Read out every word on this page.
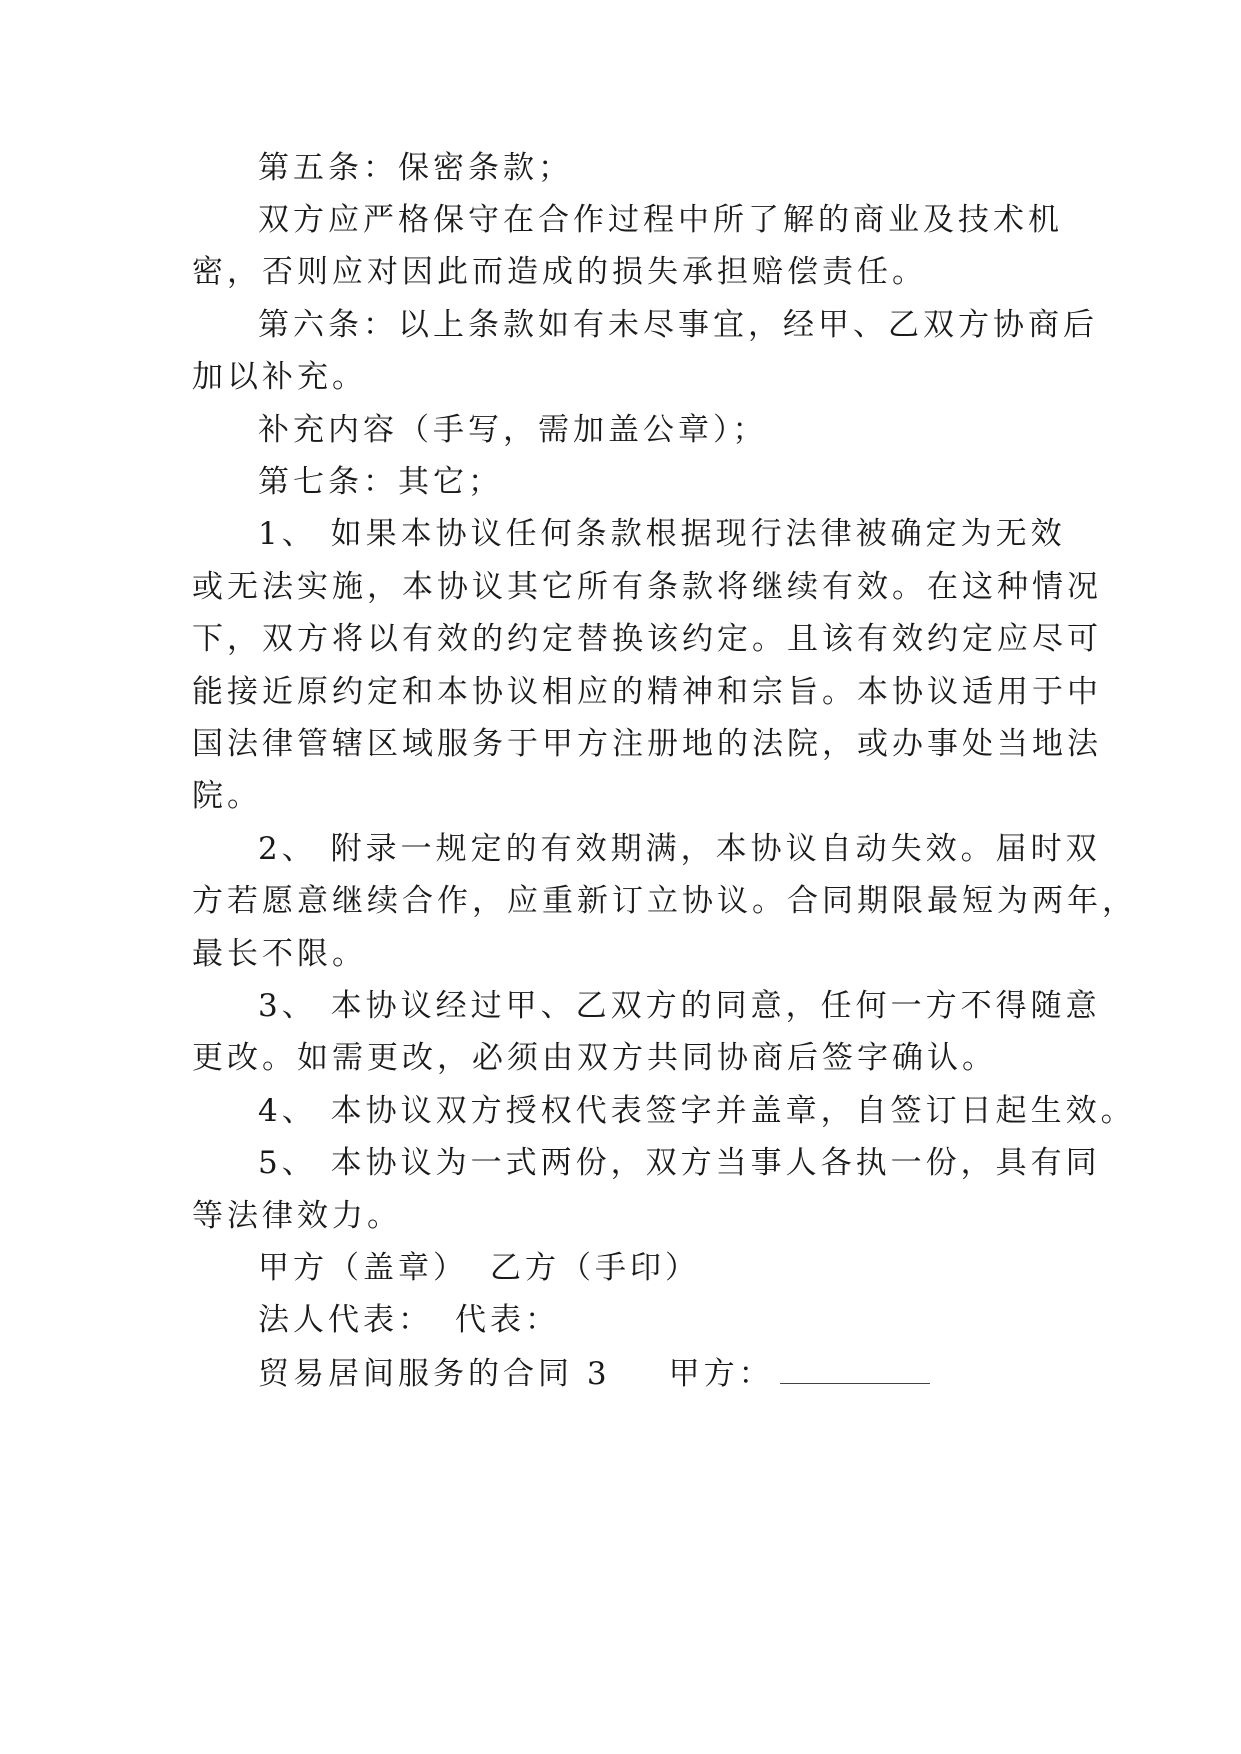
第五条：保密条款；
双方应严格保守在合作过程中所了解的商业及技术机
密，否则应对因此而造成的损失承担赔偿责任。
第六条：以上条款如有未尽事宜，经甲、乙双方协商后
加以补充。
补充内容（手写，需加盖公章）；
第七条：其它；
1、 如果本协议任何条款根据现行法律被确定为无效
或无法实施，本协议其它所有条款将继续有效。在这种情况
下，双方将以有效的约定替换该约定。且该有效约定应尽可
能接近原约定和本协议相应的精神和宗旨。本协议适用于中
国法律管辖区域服务于甲方注册地的法院，或办事处当地法
院。
2、 附录一规定的有效期满，本协议自动失效。届时双
方若愿意继续合作，应重新订立协议。合同期限最短为两年，
最长不限。
3、 本协议经过甲、乙双方的同意，任何一方不得随意
更改。如需更改，必须由双方共同协商后签字确认。
4、 本协议双方授权代表签字并盖章，自签订日起生效。
5、 本协议为一式两份，双方当事人各执一份，具有同
等法律效力。
甲方（盖章） 乙方（手印）
法人代表： 代表：
贸易居间服务的合同 3 甲方：
